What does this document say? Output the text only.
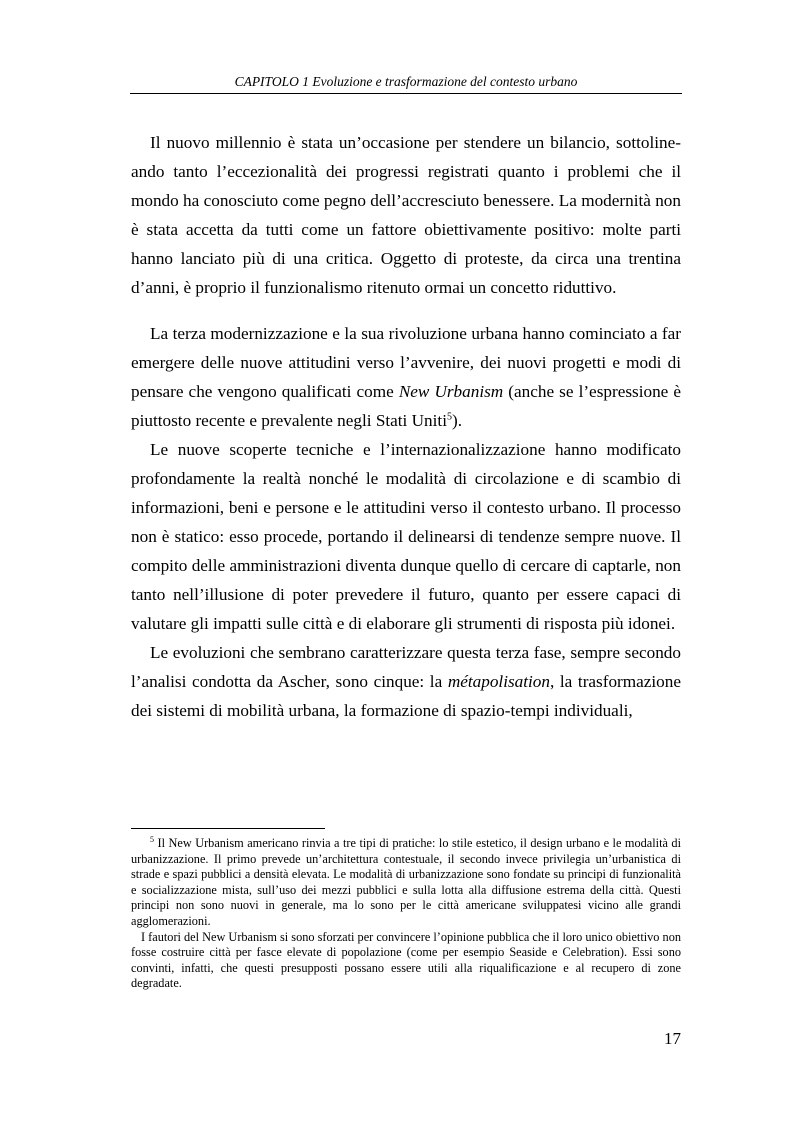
CAPITOLO 1 Evoluzione e trasformazione del contesto urbano

Il nuovo millennio è stata un’occasione per stendere un bilancio, sottolineando tanto l’eccezionalità dei progressi registrati quanto i problemi che il mondo ha conosciuto come pegno dell’accresciuto benessere. La modernità non è stata accetta da tutti come un fattore obiettivamente positivo: molte parti hanno lanciato più di una critica. Oggetto di proteste, da circa una trentina d’anni, è proprio il funzionalismo ritenuto ormai un concetto riduttivo.

La terza modernizzazione e la sua rivoluzione urbana hanno cominciato a far emergere delle nuove attitudini verso l’avvenire, dei nuovi progetti e modi di pensare che vengono qualificati come New Urbanism (anche se l’espressione è piuttosto recente e prevalente negli Stati Uniti$^5$).

Le nuove scoperte tecniche e l’internazionalizzazione hanno modificato profondamente la realtà nonché le modalità di circolazione e di scambio di informazioni, beni e persone e le attitudini verso il contesto urbano. Il processo non è statico: esso procede, portando il delinearsi di tendenze sempre nuove. Il compito delle amministrazioni diventa dunque quello di cercare di captarle, non tanto nell’illusione di poter prevedere il futuro, quanto per essere capaci di valutare gli impatti sulle città e di elaborare gli strumenti di risposta più idonei.

Le evoluzioni che sembrano caratterizzare questa terza fase, sempre secondo l’analisi condotta da Ascher, sono cinque: la métapolisation, la trasformazione dei sistemi di mobilità urbana, la formazione di spazio-tempi individuali,

$^5$ Il New Urbanism americano rinvia a tre tipi di pratiche: lo stile estetico, il design urbano e le modalità di urbanizzazione. Il primo prevede un’architettura contestuale, il secondo invece privilegia un’urbanistica di strade e spazi pubblici a densità elevata. Le modalità di urbanizzazione sono fondate su principi di funzionalità e socializzazione mista, sull’uso dei mezzi pubblici e sulla lotta alla diffusione estrema della città. Questi principi non sono nuovi in generale, ma lo sono per le città americane sviluppatesi vicino alle grandi agglomerazioni.

I fautori del New Urbanism si sono sforzati per convincere l’opinione pubblica che il loro unico obiettivo non fosse costruire città per fasce elevate di popolazione (come per esempio Seaside e Celebration). Essi sono convinti, infatti, che questi presupposti possano essere utili alla riqualificazione e al recupero di zone degradate.

17
